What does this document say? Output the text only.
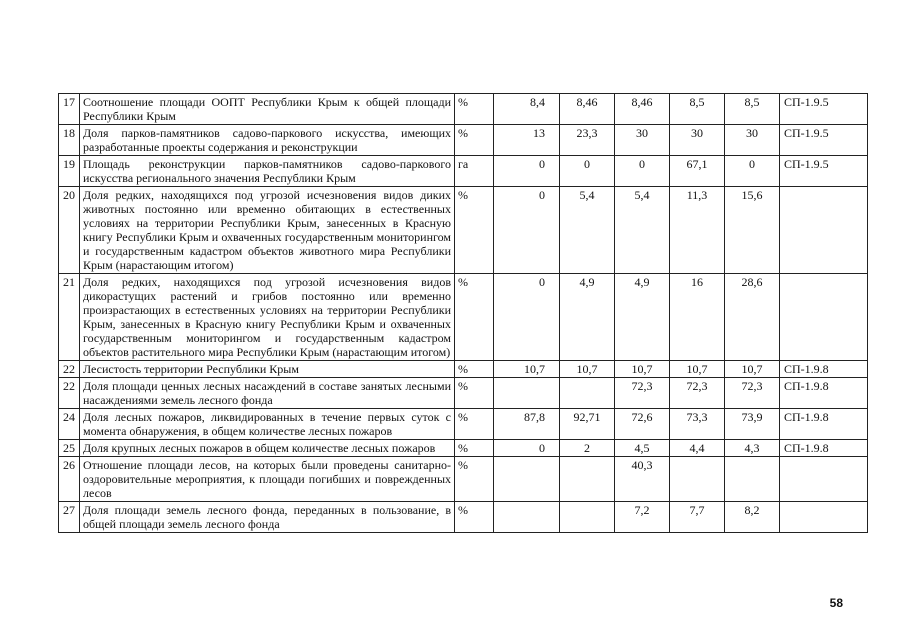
17	Соотношение площади ООПТ Республики Крым к общей площади Республики Крым	%	8,4	8,46	8,46	8,5	8,5	СП-1.9.5
18	Доля парков-памятников садово-паркового искусства, имеющих разработанные проекты содержания и реконструкции	%	13	23,3	30	30	30	СП-1.9.5
19	Площадь реконструкции парков-памятников садово-паркового искусства регионального значения Республики Крым	га	0	0	0	67,1	0	СП-1.9.5
20	Доля редких, находящихся под угрозой исчезновения видов диких животных постоянно или временно обитающих в естественных условиях на территории Республики Крым, занесенных в Красную книгу Республики Крым и охваченных государственным мониторингом и государственным кадастром объектов животного мира Республики Крым (нарастающим итогом)	%	0	5,4	5,4	11,3	15,6	
21	Доля редких, находящихся под угрозой исчезновения видов дикорастущих растений и грибов постоянно или временно произрастающих в естественных условиях на территории Республики Крым, занесенных в Красную книгу Республики Крым и охваченных государственным мониторингом и государственным кадастром объектов растительного мира Республики Крым (нарастающим итогом)	%	0	4,9	4,9	16	28,6	
22	Лесистость территории Республики Крым	%	10,7	10,7	10,7	10,7	10,7	СП-1.9.8
22	Доля площади ценных лесных насаждений в составе занятых лесными насаждениями земель лесного фонда	%			72,3	72,3	72,3	СП-1.9.8
24	Доля лесных пожаров, ликвидированных в течение первых суток с момента обнаружения, в общем количестве лесных пожаров	%	87,8	92,71	72,6	73,3	73,9	СП-1.9.8
25	Доля крупных лесных пожаров в общем количестве лесных пожаров	%	0	2	4,5	4,4	4,3	СП-1.9.8
26	Отношение площади лесов, на которых были проведены санитарно-оздоровительные мероприятия, к площади погибших и поврежденных лесов	%			40,3			
27	Доля площади земель лесного фонда, переданных в пользование, в общей площади земель лесного фонда	%			7,2	7,7	8,2	
58
